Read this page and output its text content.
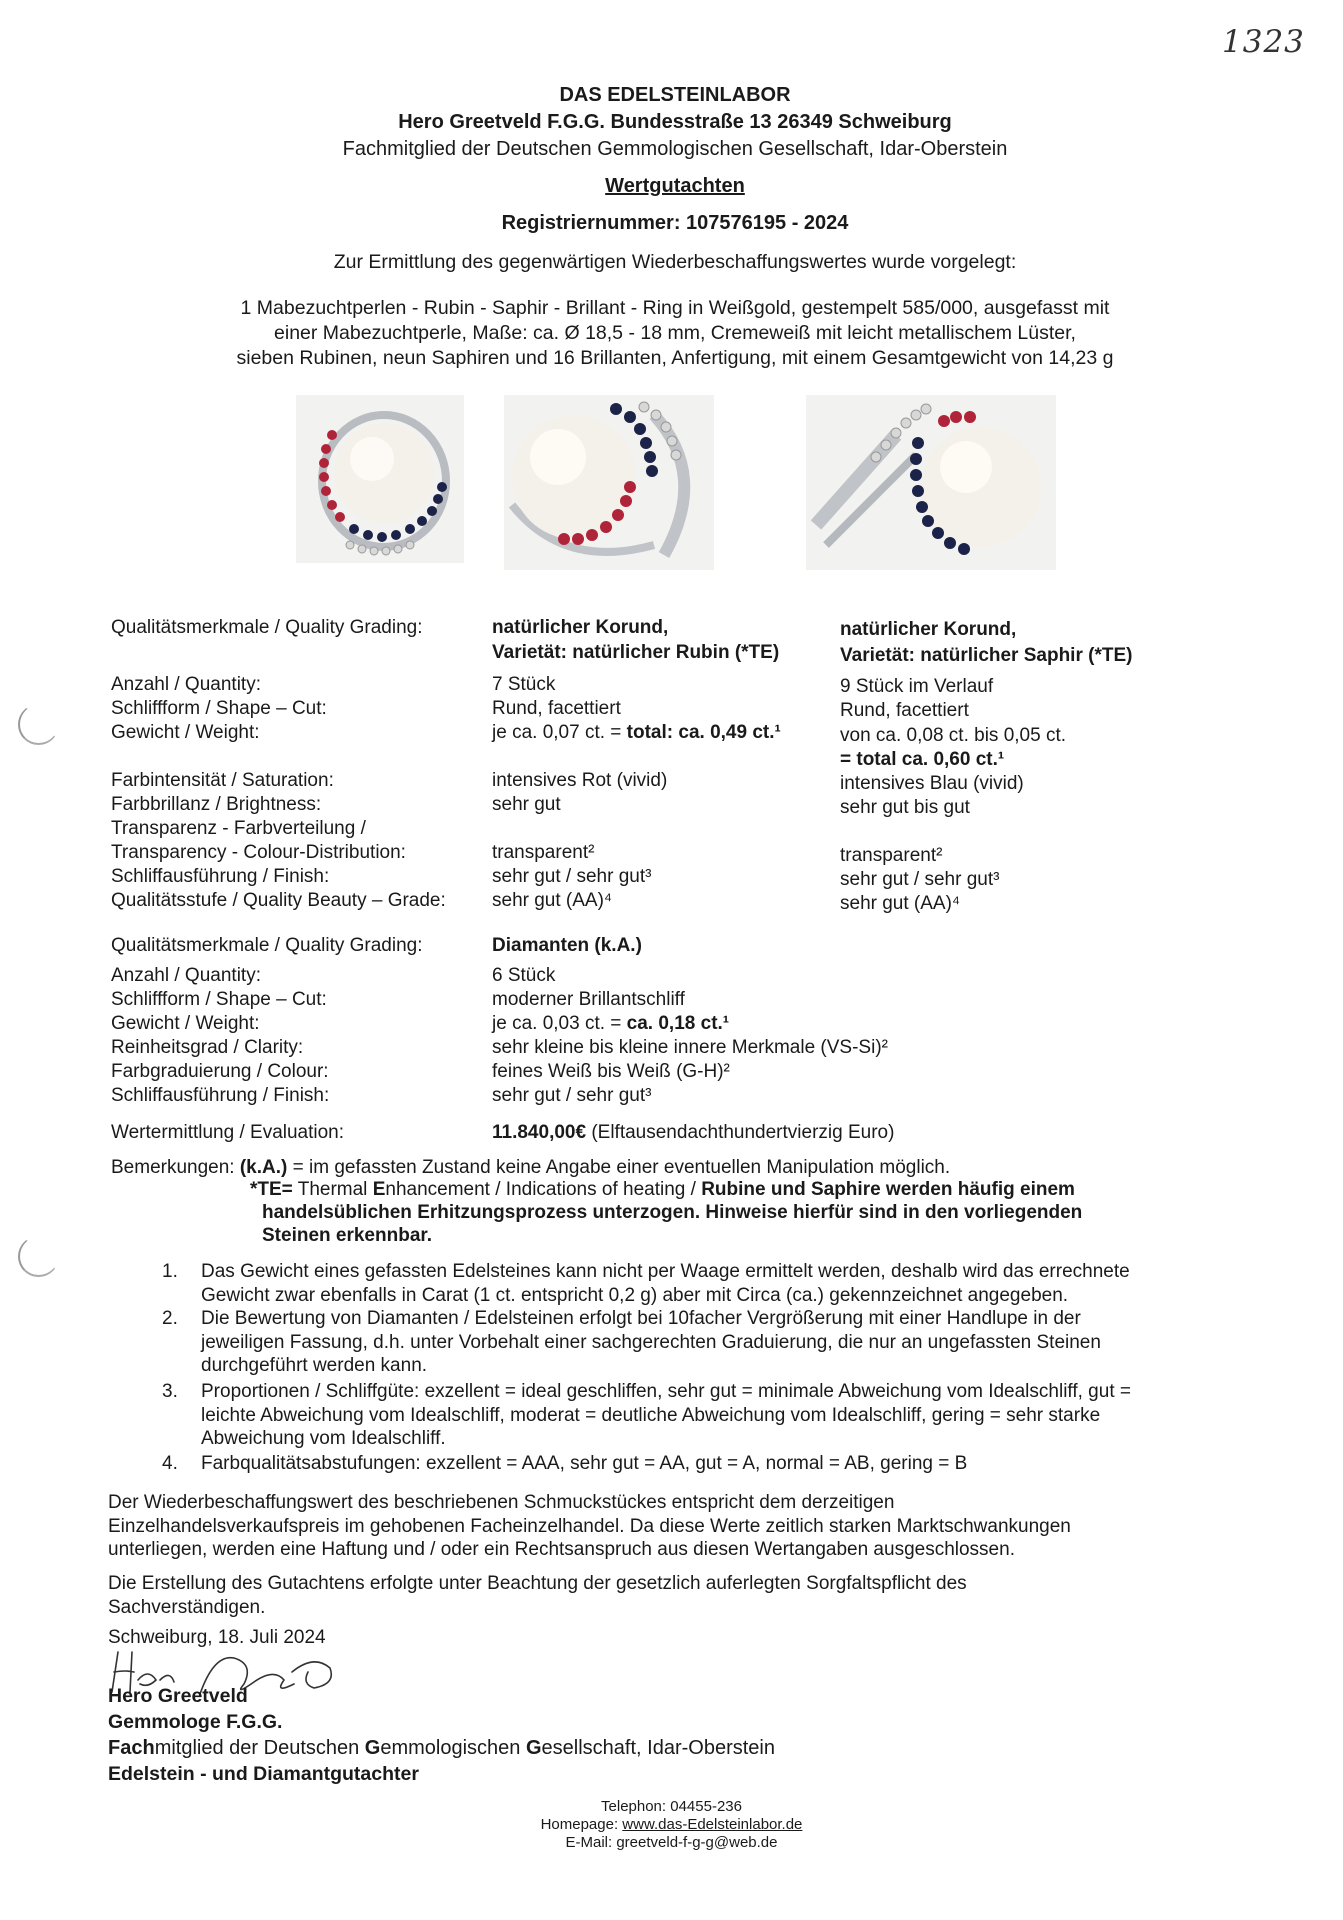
1323
DAS EDELSTEINLABOR
Hero Greetveld F.G.G. Bundesstraße 13 26349 Schweiburg
Fachmitglied der Deutschen Gemmologischen Gesellschaft, Idar-Oberstein
Wertgutachten
Registriernummer: 107576195 - 2024
Zur Ermittlung des gegenwärtigen Wiederbeschaffungswertes wurde vorgelegt:
1 Mabezuchtperlen - Rubin - Saphir - Brillant - Ring in Weißgold, gestempelt 585/000, ausgefasst mit
einer Mabezuchtperle, Maße: ca. Ø 18,5 - 18 mm, Cremeweiß mit leicht metallischem Lüster,
sieben Rubinen, neun Saphiren und 16 Brillanten, Anfertigung, mit einem Gesamtgewicht von 14,23 g
Qualitätsmerkmale / Quality Grading:	natürlicher Korund,	natürlicher Korund,
Varietät: natürlicher Rubin (*TE)	Varietät: natürlicher Saphir (*TE)
Anzahl / Quantity:	7 Stück	9 Stück im Verlauf
Schliffform / Shape – Cut:	Rund, facettiert	Rund, facettiert
Gewicht / Weight:	je ca. 0,07 ct. = total: ca. 0,49 ct.¹	von ca. 0,08 ct. bis 0,05 ct.
= total ca. 0,60 ct.¹
Farbintensität / Saturation:	intensives Rot (vivid)	intensives Blau (vivid)
Farbbrillanz / Brightness:	sehr gut	sehr gut bis gut
Transparenz - Farbverteilung /
Transparency - Colour-Distribution:	transparent²	transparent²
Schliffausführung / Finish:	sehr gut / sehr gut³	sehr gut / sehr gut³
Qualitätsstufe / Quality Beauty – Grade: sehr gut (AA)⁴	sehr gut (AA)⁴
Qualitätsmerkmale / Quality Grading:	Diamanten (k.A.)
Anzahl / Quantity:	6 Stück
Schliffform / Shape – Cut:	moderner Brillantschliff
Gewicht / Weight:	je ca. 0,03 ct. = ca. 0,18 ct.¹
Reinheitsgrad / Clarity:	sehr kleine bis kleine innere Merkmale (VS-Si)²
Farbgraduierung / Colour:	feines Weiß bis Weiß (G-H)²
Schliffausführung / Finish:	sehr gut / sehr gut³
Wertermittlung / Evaluation:	11.840,00€ (Elftausendachthundertvierzig Euro)
Bemerkungen: (k.A.) = im gefassten Zustand keine Angabe einer eventuellen Manipulation möglich.
*TE= Thermal Enhancement / Indications of heating / Rubine und Saphire werden häufig einem
handelsüblichen Erhitzungsprozess unterzogen. Hinweise hierfür sind in den vorliegenden
Steinen erkennbar.
1. Das Gewicht eines gefassten Edelsteines kann nicht per Waage ermittelt werden, deshalb wird das errechnete
Gewicht zwar ebenfalls in Carat (1 ct. entspricht 0,2 g) aber mit Circa (ca.) gekennzeichnet angegeben.
2. Die Bewertung von Diamanten / Edelsteinen erfolgt bei 10facher Vergrößerung mit einer Handlupe in der
jeweiligen Fassung, d.h. unter Vorbehalt einer sachgerechten Graduierung, die nur an ungefassten Steinen
durchgeführt werden kann.
3. Proportionen / Schliffgüte: exzellent = ideal geschliffen, sehr gut = minimale Abweichung vom Idealschliff, gut =
leichte Abweichung vom Idealschliff, moderat = deutliche Abweichung vom Idealschliff, gering = sehr starke
Abweichung vom Idealschliff.
4. Farbqualitätsabstufungen: exzellent = AAA, sehr gut = AA, gut = A, normal = AB, gering = B
Der Wiederbeschaffungswert des beschriebenen Schmuckstückes entspricht dem derzeitigen
Einzelhandelsverkaufspreis im gehobenen Facheinzelhandel. Da diese Werte zeitlich starken Marktschwankungen
unterliegen, werden eine Haftung und / oder ein Rechtsanspruch aus diesen Wertangaben ausgeschlossen.
Die Erstellung des Gutachtens erfolgte unter Beachtung der gesetzlich auferlegten Sorgfaltspflicht des
Sachverständigen.
Schweiburg, 18. Juli 2024
Hero Greetveld
Gemmologe F.G.G.
Fachmitglied der Deutschen Gemmologischen Gesellschaft, Idar-Oberstein
Edelstein - und Diamantgutachter
Telephon: 04455-236
Homepage: www.das-Edelsteinlabor.de
E-Mail: greetveld-f-g-g@web.de
